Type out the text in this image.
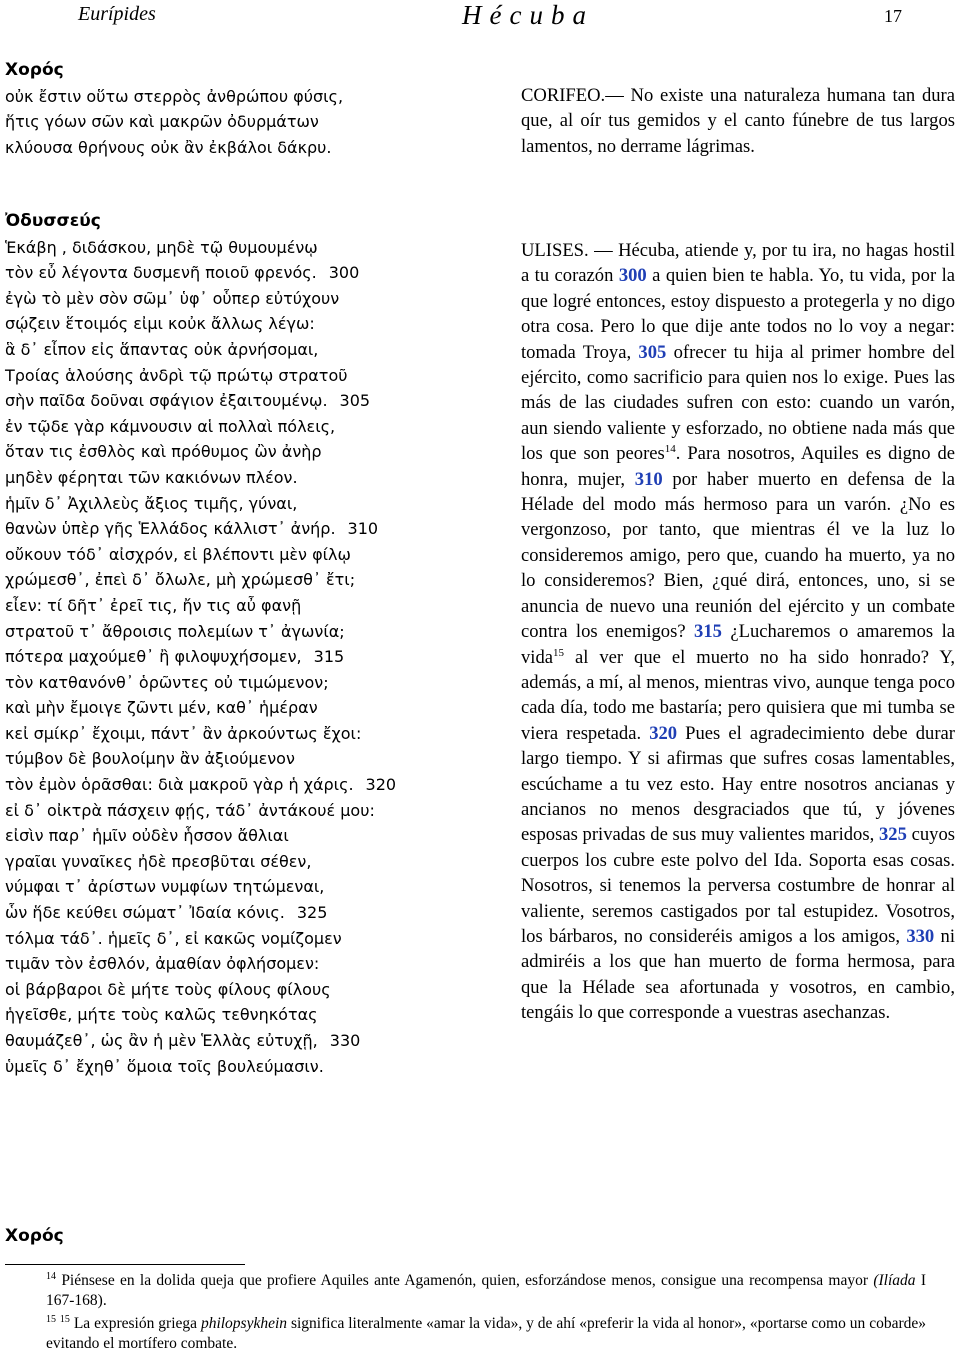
Eurípides	Hécuba	17
Χορός
οὐκ ἔστιν οὕτω στερρὸς ἀνθρώπου φύσις,
ἥτις γόων σῶν καὶ μακρῶν ὀδυρμάτων
κλύουσα θρήνους οὐκ ἂν ἐκβάλοι δάκρυ.
Ὀδυσσεύς
Ἑκάβη , διδάσκου, μηδὲ τῷ θυμουμένῳ
τὸν εὖ λέγοντα δυσμενῆ ποιοῦ φρενός. 300
ἐγὼ τὸ μὲν σὸν σῶμ᾽ ὑφ᾽ οὗπερ εὐτύχουν
σῴζειν ἕτοιμός εἰμι κοὐκ ἄλλως λέγω:
ἃ δ᾽ εἶπον εἰς ἅπαντας οὐκ ἀρνήσομαι,
Τροίας ἁλούσης ἀνδρὶ τῷ πρώτῳ στρατοῦ
σὴν παῖδα δοῦναι σφάγιον ἐξαιτουμένῳ. 305
ἐν τῷδε γὰρ κάμνουσιν αἱ πολλαὶ πόλεις,
ὅταν τις ἐσθλὸς καὶ πρόθυμος ὢν ἀνὴρ
μηδὲν φέρηται τῶν κακιόνων πλέον.
ἡμῖν δ᾽ Ἀχιλλεὺς ἄξιος τιμῆς, γύναι,
θανὼν ὑπὲρ γῆς Ἑλλάδος κάλλιστ᾽ ἀνήρ. 310
οὔκουν τόδ᾽ αἰσχρόν, εἰ βλέποντι μὲν φίλῳ
χρώμεσθ᾽, ἐπεὶ δ᾽ ὄλωλε, μὴ χρώμεσθ᾽ ἔτι;
εἶεν: τί δῆτ᾽ ἐρεῖ τις, ἤν τις αὖ φανῇ
στρατοῦ τ᾽ ἄθροισις πολεμίων τ᾽ ἀγωνία;
πότερα μαχούμεθ᾽ ἢ φιλοψυχήσομεν, 315
τὸν κατθανόνθ᾽ ὁρῶντες οὐ τιμώμενον;
καὶ μὴν ἔμοιγε ζῶντι μέν, καθ᾽ ἡμέραν
κεἰ σμίκρ᾽ ἔχοιμι, πάντ᾽ ἂν ἀρκούντως ἔχοι:
τύμβον δὲ βουλοίμην ἂν ἀξιούμενον
τὸν ἐμὸν ὁρᾶσθαι: διὰ μακροῦ γὰρ ἡ χάρις. 320
εἰ δ᾽ οἰκτρὰ πάσχειν φῄς, τάδ᾽ ἀντάκουέ μου:
εἰσὶν παρ᾽ ἡμῖν οὐδὲν ἧσσον ἄθλιαι
γραῖαι γυναῖκες ἠδὲ πρεσβῦται σέθεν,
νύμφαι τ᾽ ἀρίστων νυμφίων τητώμεναι,
ὧν ἥδε κεύθει σώματ᾽ Ἰδαία κόνις. 325
τόλμα τάδ᾽. ἡμεῖς δ᾽, εἰ κακῶς νομίζομεν
τιμᾶν τὸν ἐσθλόν, ἀμαθίαν ὀφλήσομεν:
οἱ βάρβαροι δὲ μήτε τοὺς φίλους φίλους
ἡγεῖσθε, μήτε τοὺς καλῶς τεθνηκότας
θαυμάζεθ᾽, ὡς ἂν ἡ μὲν Ἑλλὰς εὐτυχῇ, 330
ὑμεῖς δ᾽ ἔχηθ᾽ ὅμοια τοῖς βουλεύμασιν.
CORIFEO.— No existe una naturaleza humana tan dura que, al oír tus gemidos y el canto fúnebre de tus largos lamentos, no derrame lágrimas.
ULISES. — Hécuba, atiende y, por tu ira, no hagas hostil a tu corazón 300 a quien bien te habla. Yo, tu vida, por la que logré entonces, estoy dispuesto a protegerla y no digo otra cosa. Pero lo que dije ante todos no lo voy a negar: tomada Troya, 305 ofrecer tu hija al primer hombre del ejército, como sacrificio para quien nos lo exige. Pues las más de las ciudades sufren con esto: cuando un varón, aun siendo valiente y esforzado, no obtiene nada más que los que son peores$^{14}$. Para nosotros, Aquiles es digno de honra, mujer, 310 por haber muerto en defensa de la Hélade del modo más hermoso para un varón. ¿No es vergonzoso, por tanto, que mientras él ve la luz lo consideremos amigo, pero que, cuando ha muerto, ya no lo consideremos? Bien, ¿qué dirá, entonces, uno, si se anuncia de nuevo una reunión del ejército y un combate contra los enemigos? 315 ¿Lucharemos o amaremos la vida$^{15}$ al ver que el muerto no ha sido honrado? Y, además, a mí, al menos, mientras vivo, aunque tenga poco cada día, todo me bastaría; pero quisiera que mi tumba se viera respetada. 320 Pues el agradecimiento debe durar largo tiempo. Y si afirmas que sufres cosas lamentables, escúchame a tu vez esto. Hay entre nosotros ancianas y ancianos no menos desgraciados que tú, y jóvenes esposas privadas de sus muy valientes maridos, 325 cuyos cuerpos los cubre este polvo del Ida. Soporta esas cosas. Nosotros, si tenemos la perversa costumbre de honrar al valiente, seremos castigados por tal estupidez. Vosotros, los bárbaros, no consideréis amigos a los amigos, 330 ni admiréis a los que han muerto de forma hermosa, para que la Hélade sea afortunada y vosotros, en cambio, tengáis lo que corresponde a vuestras asechanzas.
Χορός

$^{14}$ Piénsese en la dolida queja que profiere Aquiles ante Agamenón, quien, esforzándose menos, consigue una recompensa mayor (Ilíada I 167-168).

$^{15}$ $^{15}$ La expresión griega philopsykhein significa literalmente «amar la vida», y de ahí «preferir la vida al honor», «portarse como un cobarde» evitando el mortífero combate.
